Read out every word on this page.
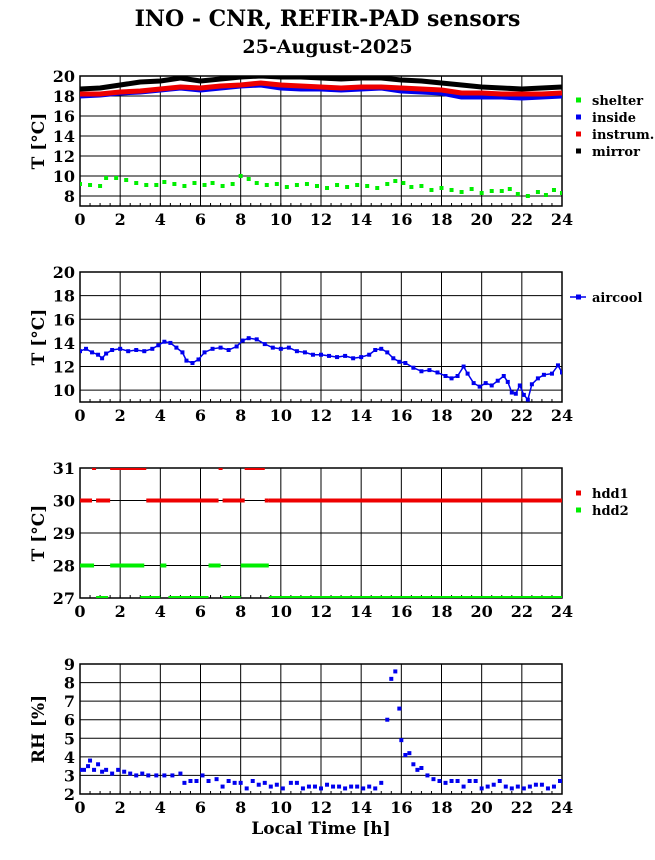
INO - CNR, REFIR-PAD sensors
25-August-2025
0 2 4 6 8 10 12 14 16 18 20 22 24
8
10
12
14
16
18
20
T [°C]
shelter
inside
instrum.
mirror
0 2 4 6 8 10 12 14 16 18 20 22 24
10
12
14
16
18
20
T [°C]
aircool
0 2 4 6 8 10 12 14 16 18 20 22 24
27
28
29
30
31
T [°C]
hdd1
hdd2
0 2 4 6 8 10 12 14 16 18 20 22 24
2
3
4
5
6
7
8
9
RH [%]
Local Time [h]
